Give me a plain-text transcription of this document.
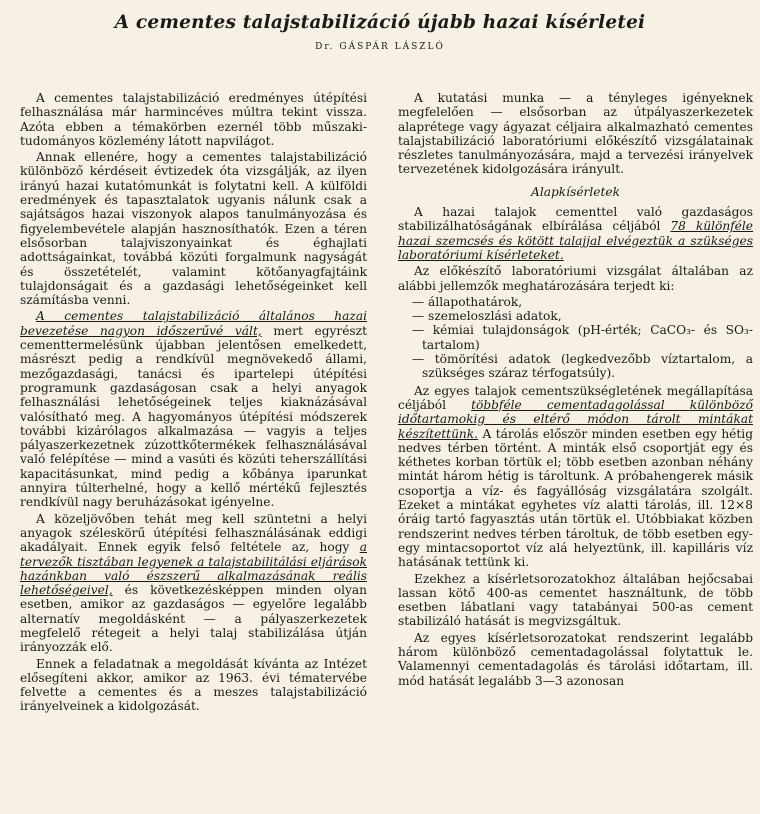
A cementes talajstabilizáció újabb hazai kísérletei
Dr. GÁSPÁR LÁSZLÓ

A cementes talajstabilizáció eredményes útépítési felhasználása már harmincéves múltra tekint vissza. Azóta ebben a témakörben ezernél több műszaki-tudományos közlemény látott napvilágot.

Annak ellenére, hogy a cementes talajstabilizáció különböző kérdéseit évtizedek óta vizsgálják, az ilyen irányú hazai kutatómunkát is folytatni kell. A külföldi eredmények és tapasztalatok ugyanis nálunk csak a sajátságos hazai viszonyok alapos tanulmányozása és figyelembevétele alapján hasznosíthatók. Ezen a téren elsősorban talajviszonyainkat és éghajlati adottságainkat, továbbá közúti forgalmunk nagyságát és összetételét, valamint kötőanyagfajtáink tulajdonságait és a gazdasági lehetőségeinket kell számításba venni.

A cementes talajstabilizáció általános hazai bevezetése nagyon időszerűvé vált, mert egyrészt cementtermelésünk újabban jelentősen emelkedett, másrészt pedig a rendkívül megnövekedő állami, mezőgazdasági, tanácsi és ipartelepi útépítési programunk gazdaságosan csak a helyi anyagok felhasználási lehetőségeinek teljes kiaknázásával valósítható meg. A hagyományos útépítési módszerek további kizárólagos alkalmazása — vagyis a teljes pályaszerkezetnek zúzottkőtermékek felhasználásával való felépítése — mind a vasúti és közúti teherszállítási kapacitásunkat, mind pedig a kőbánya iparunkat annyira túlterhelné, hogy a kellő mértékű fejlesztés rendkívül nagy beruházásokat igényelne.

A közeljövőben tehát meg kell szüntetni a helyi anyagok széleskörű útépítési felhasználásának eddigi akadályait. Ennek egyik felső feltétele az, hogy a tervezők tisztában legyenek a talajstabilitálási eljárások hazánkban való észszerű alkalmazásának reális lehetőségeivel, és következésképpen minden olyan esetben, amikor az gazdaságos — egyelőre legalább alternatív megoldásként — a pályaszerkezetek megfelelő rétegeit a helyi talaj stabilizálása útján irányozzák elő.

Ennek a feladatnak a megoldását kívánta az Intézet elősegíteni akkor, amikor az 1963. évi tématervébe felvette a cementes és a meszes talajstabilizáció irányelveinek a kidolgozását.

A kutatási munka — a tényleges igényeknek megfelelően — elsősorban az útpályaszerkezetek alaprétege vagy ágyazat céljaira alkalmazható cementes talajstabilizáció laboratóriumi előkészítő vizsgálatainak részletes tanulmányozására, majd a tervezési irányelvek tervezetének kidolgozására irányult.

Alapkísérletek

A hazai talajok cementtel való gazdaságos stabilizálhatóságának elbírálása céljából 78 különféle hazai szemcsés és kötött talajjal elvégeztük a szükséges laboratóriumi kísérleteket.

Az előkészítő laboratóriumi vizsgálat általában az alábbi jellemzők meghatározására terjedt ki:

— állapothatárok,
— szemeloszlási adatok,
— kémiai tulajdonságok (pH-érték; CaCO₃- és SO₃-tartalom)
— tömörítési adatok (legkedvezőbb víztartalom, a szükséges száraz térfogatsúly).

Az egyes talajok cementszükségletének megállapítása céljából többféle cementadagolással különböző időtartamokig és eltérő módon tárolt mintákat készítettünk. A tárolás először minden esetben egy hétig nedves térben történt. A minták első csoportját egy és kéthetes korban törtük el; több esetben azonban néhány mintát három hétig is tároltunk. A próbahengerek másik csoportja a víz- és fagyállóság vizsgálatára szolgált. Ezeket a mintákat egyhetes víz alatti tárolás, ill. 12×8 óráig tartó fagyasztás után törtük el. Utóbbiakat közben rendszerint nedves térben tároltuk, de több esetben egy-egy mintacsoportot víz alá helyeztünk, ill. kapilláris víz hatásának tettünk ki.

Ezekhez a kísérletsorozatokhoz általában hejőcsabai lassan kötő 400-as cementet használtunk, de több esetben lábatlani vagy tatabányai 500-as cement stabilizáló hatását is megvizsgáltuk.

Az egyes kísérletsorozatokat rendszerint legalább három különböző cementadagolással folytattuk le. Valamennyi cementadagolás és tárolási időtartam, ill. mód hatását legalább 3—3 azonosan
